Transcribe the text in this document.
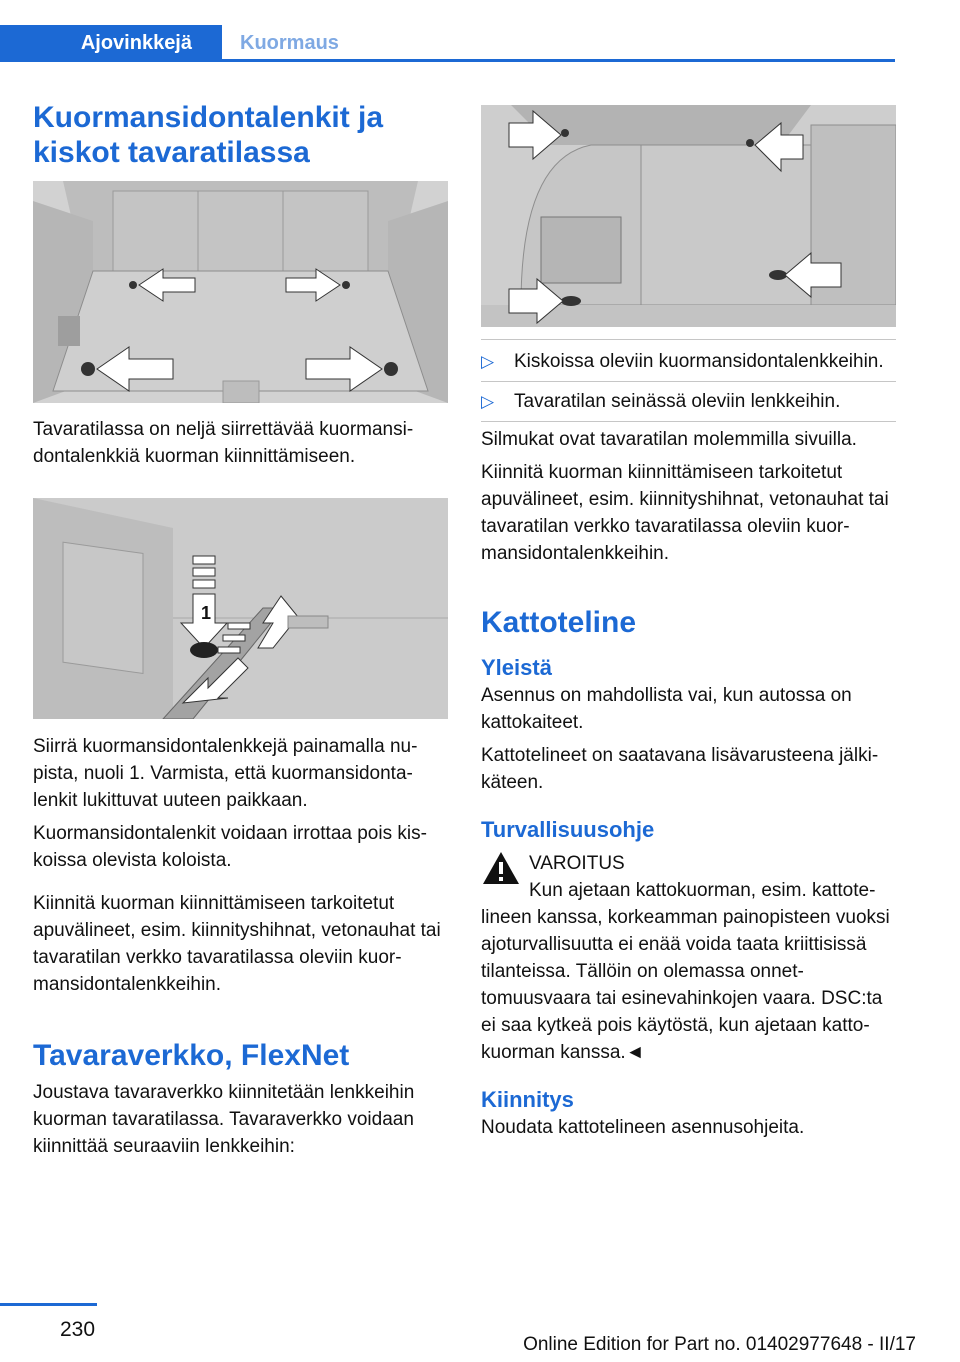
Ajovinkkejä	Kuormaus
Kuormansidontalenkit ja kiskot tavaratilassa

Tavaratilassa on neljä siirrettävää kuormansidontalenkkiä kuorman kiinnittämiseen.

1

Siirrä kuormansidontalenkkejä painamalla nupista, nuoli 1. Varmista, että kuormansidontalenkit lukittuvat uuteen paikkaan.

Kuormansidontalenkit voidaan irrottaa pois kiskoissa olevista koloista.

Kiinnitä kuorman kiinnittämiseen tarkoitetut apuvälineet, esim. kiinnityshihnat, vetonauhat tai tavaratilan verkko tavaratilassa oleviin kuormansidontalenkkeihin.

Tavaraverkko, FlexNet

Joustava tavaraverkko kiinnitetään lenkkeihin kuorman tavaratilassa. Tavaraverkko voidaan kiinnittää seuraaviin lenkkeihin:

▷ Kiskoissa oleviin kuormansidontalenkkeihin.
▷ Tavaratilan seinässä oleviin lenkkeihin.

Silmukat ovat tavaratilan molemmilla sivuilla.

Kiinnitä kuorman kiinnittämiseen tarkoitetut apuvälineet, esim. kiinnityshihnat, vetonauhat tai tavaratilan verkko tavaratilassa oleviin kuormansidontalenkkeihin.

Kattoteline
Yleistä

Asennus on mahdollista vai, kun autossa on kattokaiteet.

Kattotelineet on saatavana lisävarusteena jälkikäteen.

Turvallisuusohje
VAROITUS

Kun ajetaan kattokuorman, esim. kattotelineen kanssa, korkeamman painopisteen vuoksi ajoturvallisuutta ei enää voida taata kriittisissä tilanteissa. Tällöin on olemassa onnettomuusvaara tai esinevahinkojen vaara. DSC:ta ei saa kytkeä pois käytöstä, kun ajetaan kattokuorman kanssa.◄

Kiinnitys

Noudata kattotelineen asennusohjeita.

230
Online Edition for Part no. 01402977648 - II/17
